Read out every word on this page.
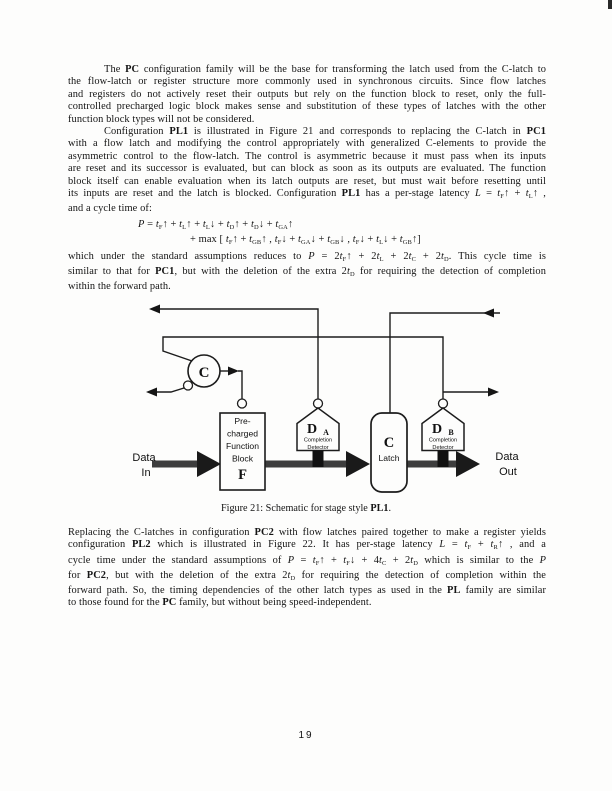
The PC configuration family will be the base for transforming the latch used from the C-latch to
the flow-latch or register structure more commonly used in synchronous circuits. Since flow latches
and registers do not actively reset their outputs but rely on the function block to reset, only the full-
controlled precharged logic block makes sense and substitution of these types of latches with the other
function block types will not be considered.
Configuration PL1 is illustrated in Figure 21 and corresponds to replacing the C-latch in PC1
with a flow latch and modifying the control appropriately with generalized C-elements to provide the
asymmetric control to the flow-latch. The control is asymmetric because it must pass when its inputs
are reset and its successor is evaluated, but can block as soon as its outputs are evaluated. The function
block itself can enable evaluation when its latch outputs are reset, but must wait before resetting until
its inputs are reset and the latch is blocked. Configuration PL1 has a per-stage latency $L = t_F↑$ + $t_L↑$ ,
and a cycle time of:
$P = t_F↑$ + $t_L↑$ + $t_L↓$ + $t_D↑$ + $t_D↓$ + $t_{GA}↑$
+ max [ $t_F↑$ + $t_{GB}↑$ , $t_F↓$ + $t_{GA}↓$ + $t_{GB}↓$ , $t_F↓$ + $t_L↓$ + $t_{GB}↑$]
which under the standard assumptions reduces to $P = 2t_F↑ + 2t_L + 2t_C + 2t_D$. This cycle time is
similar to that for PC1, but with the deletion of the extra $2t_D$ for requiring the detection of completion
within the forward path.
C
Pre-
charged
Function
Block
F
D A
Completion
Detector
D B
Completion
Detector
C
Latch
Data
In
Data
Out
Figure 21: Schematic for stage style PL1.
Replacing the C-latches in configuration PC2 with flow latches paired together to make a register yields
configuration PL2 which is illustrated in Figure 22. It has per-stage latency $L = t_F$ + $t_R↑$ , and a
cycle time under the standard assumptions of $P = t_F↑$ + $t_F↓ + 4t_C + 2t_D$ which is similar to the P
for PC2, but with the deletion of the extra $2t_D$ for requiring the detection of completion within the
forward path. So, the timing dependencies of the other latch types as used in the PL family are similar
to those found for the PC family, but without being speed-independent.
19
